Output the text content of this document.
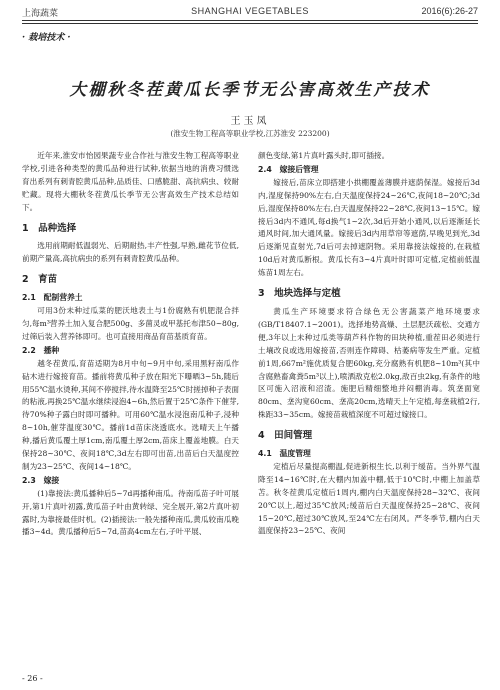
上海蔬菜	SHANGHAI VEGETABLES	2016(6):26-27
· 栽培技术 ·
大棚秋冬茬黄瓜长季节无公害高效生产技术
王玉凤
(淮安生物工程高等职业学校,江苏淮安 223200)

近年来,淮安市怡园果蔬专业合作社与淮安生物工程高等职业学校,引进各种类型的黄瓜品种进行试种,依据当地的消费习惯选育出系列有刺青腔黄瓜品种,品质佳、口感脆甜、高抗病虫、较耐贮藏。现将大棚秋冬茬黄瓜长季节无公害高效生产技术总结如下。

1　品种选择

选用前期耐低温弱光、后期耐热,丰产性强,早熟,雌花节位低,前期产量高,高抗病虫的系列有刺青腔黄瓜品种。

2　育苗
2.1　配制营养土

可用3份未种过瓜菜的肥沃地表土与1份腐熟有机肥混合拌匀,每m³营养土加入复合肥500g、多菌灵或甲基托布津50~80g,过筛后装入营养钵即可。也可直接用商品育苗基质育苗。

2.2　播种

越冬茬黄瓜,育苗适期为8月中旬~9月中旬,采用黑籽南瓜作砧木进行嫁接育苗。播前将黄瓜种子放在阳光下曝晒3~5h,随后用55℃温水烫种,其间不停搅拌,待水温降至25℃时搓掉种子表面的粘液,再换25℃温水继续浸泡4~6h,然后置于25℃条件下催芽,待70%种子露白时即可播种。可用60℃温水浸泡南瓜种子,浸种8~10h,催芽温度30℃。播前1d苗床浇透底水。选晴天上午播种,播后黄瓜覆土厚1cm,南瓜覆土厚2cm,苗床上覆盖地膜。白天保持28~30℃、夜间18℃,3d左右即可出苗,出苗后白天温度控制为23~25℃、夜间14~18℃。

2.3　嫁接

(1)靠接法:黄瓜播种后5~7d再播种南瓜。待南瓜苗子叶可展开,第1片真叶初露,黄瓜苗子叶由黄转绿、完全展开,第2片真叶初露时,为靠接最佳时机。(2)插接法:一般先播种南瓜,黄瓜较南瓜晚播3~4d。黄瓜播种后5~7d,苗高4cm左右,子叶平展、

颜色变绿,第1片真叶露头时,即可插接。

2.4　嫁接后管理

嫁接后,苗床立即搭建小拱棚覆盖薄膜并遮荫保湿。嫁接后3d内,湿度保持90%左右,白天温度保持24~26℃,夜间18~20℃;3d后,湿度保持80%左右,白天温度保持22~28℃,夜间13~15℃。嫁接后3d内不通风,每d换气1~2次,3d后开始小通风,以后逐渐延长通风时间,加大通风量。嫁接后3d内用草帘等遮荫,早晚见到光,3d后逐渐见直射光,7d后可去掉遮阴物。采用靠接法嫁接的,在栽植10d后对黄瓜断根。黄瓜长有3~4片真叶时即可定植,定植前低温炼苗1周左右。

3　地块选择与定植

黄瓜生产环境要求符合绿色无公害蔬菜产地环境要求(GB/T18407.1~2001)。选择地势高燥、土层肥沃疏松、交通方便,3年以上未种过瓜类等葫芦科作物的田块种植,重茬田必须进行土壤改良或选用嫁接苗,否则连作障碍、枯萎病等发生严重。定植前1周,667m²施优质复合肥60kg,充分腐熟有机肥8~10m³(其中含腐熟畜禽粪5m³以上),喷洒敌克松2.0kg,敌百虫2kg,有条件的地区可施入沼液和沼渣。施肥后精细整地并闷棚消毒。筑垄面宽80cm、垄沟宽60cm、垄高20cm,选晴天上午定植,每垄栽植2行,株距33~35cm。嫁接苗栽植深度不可超过嫁接口。

4　田间管理
4.1　温度管理

定植后尽量提高棚温,促进新根生长,以利于缓苗。当外界气温降至14~16℃时,在大棚内加盖中棚,低于10℃时,中棚上加盖草苫。秋冬茬黄瓜定植后1周内,棚内白天温度保持28~32℃、夜间20℃以上,超过35℃放风;缓苗后白天温度保持25~28℃、夜间15~20℃,超过30℃放风,至24℃左右闭风。严冬季节,棚内白天温度保持23~25℃、夜间

- 26 -
